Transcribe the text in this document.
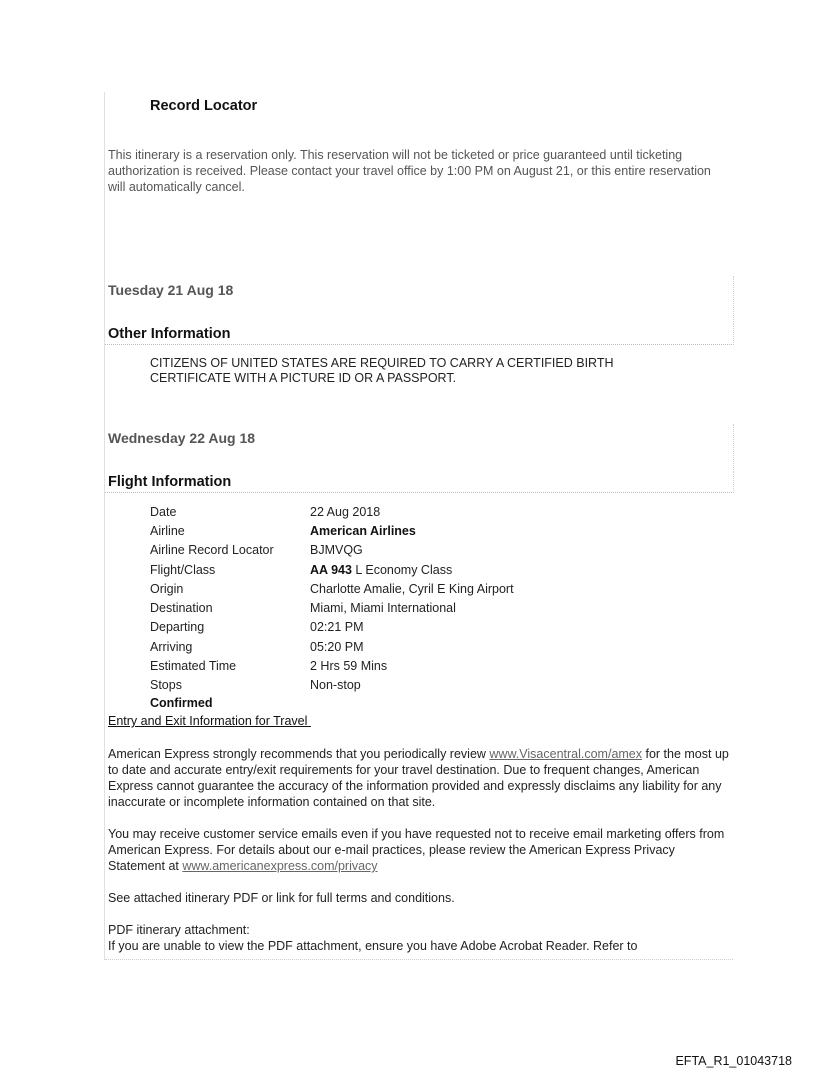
Record Locator
This itinerary is a reservation only. This reservation will not be ticketed or price guaranteed until ticketing authorization is received. Please contact your travel office by 1:00 PM on August 21, or this entire reservation will automatically cancel.
Tuesday 21 Aug 18
Other Information
CITIZENS OF UNITED STATES ARE REQUIRED TO CARRY A CERTIFIED BIRTH CERTIFICATE WITH A PICTURE ID OR A PASSPORT.
Wednesday 22 Aug 18
Flight Information
Date	22 Aug 2018
Airline	American Airlines
Airline Record Locator	BJMVQG
Flight/Class	AA 943 L Economy Class
Origin	Charlotte Amalie, Cyril E King Airport
Destination	Miami, Miami International
Departing	02:21 PM
Arriving	05:20 PM
Estimated Time	2 Hrs 59 Mins
Stops	Non-stop
Confirmed
Entry and Exit Information for Travel
American Express strongly recommends that you periodically review www.Visacentral.com/amex for the most up to date and accurate entry/exit requirements for your travel destination. Due to frequent changes, American Express cannot guarantee the accuracy of the information provided and expressly disclaims any liability for any inaccurate or incomplete information contained on that site.
You may receive customer service emails even if you have requested not to receive email marketing offers from American Express. For details about our e-mail practices, please review the American Express Privacy Statement at www.americanexpress.com/privacy
See attached itinerary PDF or link for full terms and conditions.
PDF itinerary attachment:
If you are unable to view the PDF attachment, ensure you have Adobe Acrobat Reader. Refer to
EFTA_R1_01043718
